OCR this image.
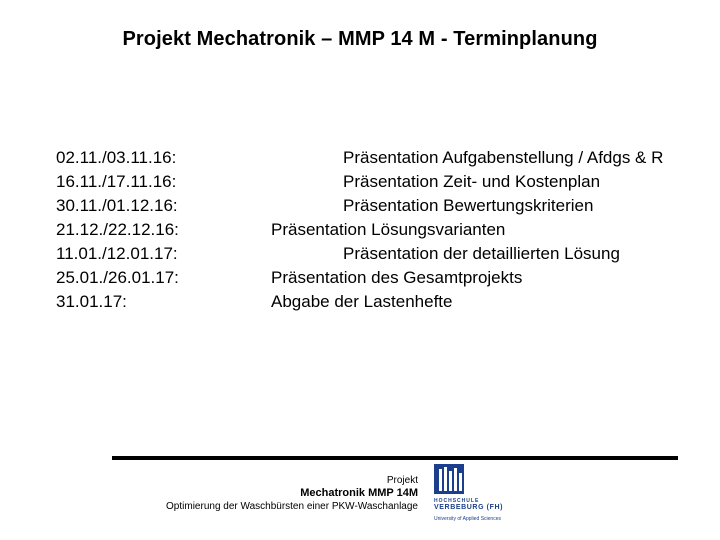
Projekt Mechatronik – MMP 14 M - Terminplanung
02.11./03.11.16:
16.11./17.11.16:
30.11./01.12.16:
21.12./22.12.16:
11.01./12.01.17:
25.01./26.01.17:
31.01.17:
Präsentation Aufgabenstellung / Afdgs & R
Präsentation Zeit- und Kostenplan
Präsentation Bewertungskriterien
Präsentation Lösungsvarianten
Präsentation der detaillierten Lösung
Präsentation des Gesamtprojekts
Abgabe der Lastenhefte
Projekt
Mechatronik MMP 14M
Optimierung der Waschbürsten einer PKW-Waschanlage	HOCHSCHULE
VERBEBURG (FH)
University of Applied Sciences
